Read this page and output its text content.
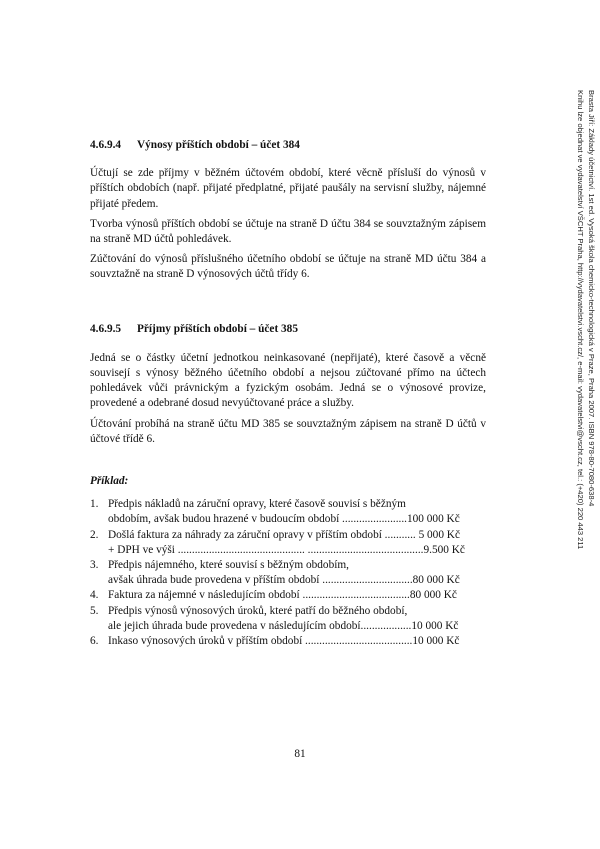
Brasta Jiří: Základy účetnictví. 1st ed. Vysoká škola chemicko-technologická v Praze, Praha 2007. ISBN 978-80-7080-638-4
Knihu lze objednat ve vydavatelství VŠCHT Praha, http://vydavatelstvi.vscht.cz/, e-mail: vydavatelstvi@vscht.cz, tel.: (+420) 220 443 211
4.6.9.4	Výnosy příštích období – účet 384

Účtují se zde příjmy v běžném účtovém období, které věcně přísluší do výnosů v příštích obdobích (např. přijaté předplatné, přijaté paušály na servisní služby, nájemné přijaté předem.

Tvorba výnosů příštích období se účtuje na straně D účtu 384 se souvztažným zápisem na straně MD účtů pohledávek.

Zúčtování do výnosů příslušného účetního období se účtuje na straně MD účtu 384 a souvztažně na straně D výnosových účtů třídy 6.

4.6.9.5	Příjmy příštích období – účet 385

Jedná se o částky účetní jednotkou neinkasované (nepřijaté), které časově a věcně souvisejí s výnosy běžného účetního období a nejsou zúčtované přímo na účtech pohledávek vůči právnickým a fyzickým osobám. Jedná se o výnosové provize, provedené a odebrané dosud nevyúčtované práce a služby.

Účtování probíhá na straně účtu MD 385 se souvztažným zápisem na straně D účtů v účtové třídě 6.

Příklad:
1. Předpis nákladů na záruční opravy, které časově souvisí s běžným
obdobím, avšak budou hrazené v budoucím období .......................100 000 Kč
2. Došlá faktura za náhrady za záruční opravy v příštím období ........... 5 000 Kč
+ DPH ve výši ............................................. .........................................9.500 Kč
3. Předpis nájemného, které souvisí s běžným obdobím,
avšak úhrada bude provedena v příštím období ................................80 000 Kč
4. Faktura za nájemné v následujícím období ......................................80 000 Kč
5. Předpis výnosů výnosových úroků, které patří do běžného období,
ale jejich úhrada bude provedena v následujícím období..................10 000 Kč
6. Inkaso výnosových úroků v příštím období ......................................10 000 Kč
81
